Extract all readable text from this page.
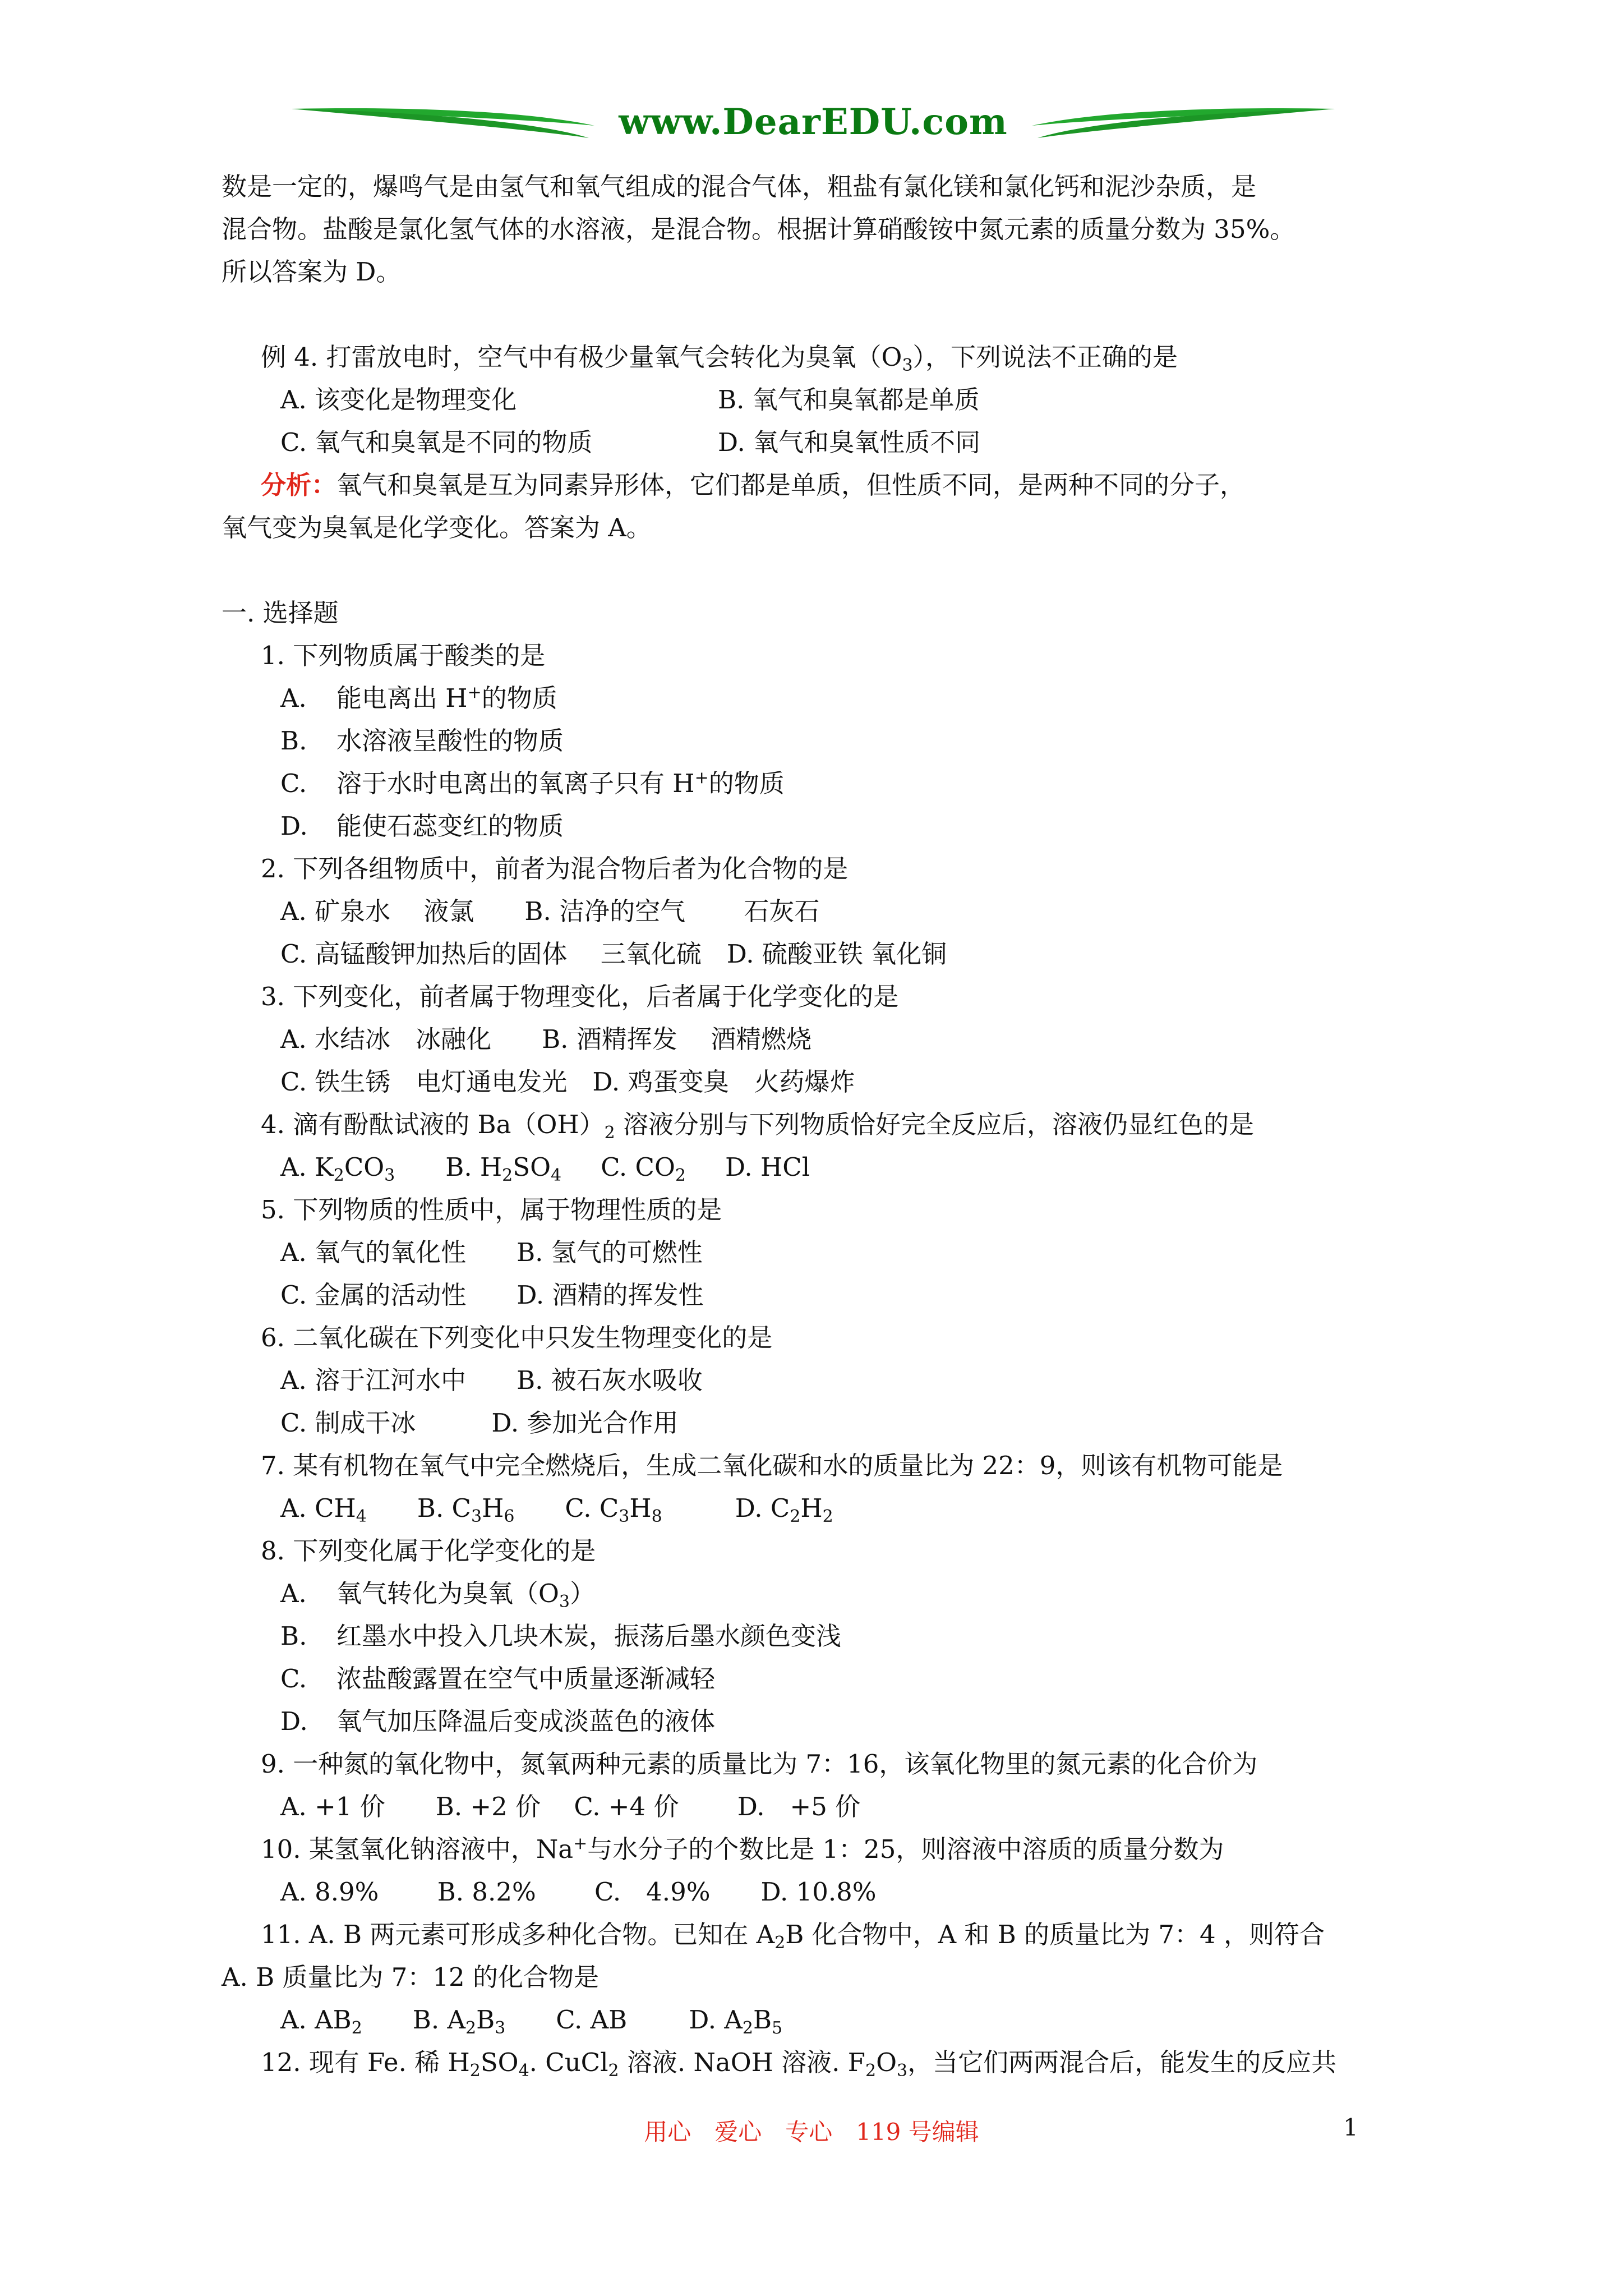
www.DearEDU.com
数是一定的，爆鸣气是由氢气和氧气组成的混合气体，粗盐有氯化镁和氯化钙和泥沙杂质，是
混合物。盐酸是氯化氢气体的水溶液，是混合物。根据计算硝酸铵中氮元素的质量分数为 35%。
所以答案为 D。
例 4. 打雷放电时，空气中有极少量氧气会转化为臭氧$(O_3)$，下列说法不正确的是
A. 该变化是物理变化	B. 氧气和臭氧都是单质
C. 氧气和臭氧是不同的物质	D. 氧气和臭氧性质不同
分析：氧气和臭氧是互为同素异形体，它们都是单质，但性质不同，是两种不同的分子，
氧气变为臭氧是化学变化。答案为 A。
一. 选择题
1. 下列物质属于酸类的是
A. 能电离出 H+的物质
B. 水溶液呈酸性的物质
C. 溶于水时电离出的氧离子只有 H+的物质
D. 能使石蕊变红的物质
2. 下列各组物质中，前者为混合物后者为化合物的是
A. 矿泉水　 液氯　　B. 洁净的空气　　 石灰石
C. 高锰酸钾加热后的固体　 三氧化硫　D. 硫酸亚铁 氧化铜
3. 下列变化，前者属于物理变化，后者属于化学变化的是
A. 水结冰　冰融化　　B. 酒精挥发　 酒精燃烧
C. 铁生锈　电灯通电发光　D. 鸡蛋变臭　火药爆炸
4. 滴有酚酞试液的 $Ba(OH)_2$ 溶液分别与下列物质恰好完全反应后，溶液仍显红色的是
A. $K_2CO_3$ B. $H_2SO_4$ C. $CO_2$ D. HCl
5. 下列物质的性质中，属于物理性质的是
A. 氧气的氧化性　　B. 氢气的可燃性
C. 金属的活动性　　D. 酒精的挥发性
6. 二氧化碳在下列变化中只发生物理变化的是
A. 溶于江河水中　　B. 被石灰水吸收
C. 制成干冰　　　D. 参加光合作用
7. 某有机物在氧气中完全燃烧后，生成二氧化碳和水的质量比为 22：9，则该有机物可能是
A. $CH_4$ B. $C_3H_6$ C. $C_3H_8$	D. $C_2H_2$
8. 下列变化属于化学变化的是
A. 氧气转化为臭氧$(O_3)$
B. 红墨水中投入几块木炭，振荡后墨水颜色变浅
C. 浓盐酸露置在空气中质量逐渐减轻
D. 氧气加压降温后变成淡蓝色的液体
9. 一种氮的氧化物中，氮氧两种元素的质量比为 7：16，该氧化物里的氮元素的化合价为
A. +1 价　　B. +2 价　 C. +4 价　　 D.　+5 价
10. 某氢氧化钠溶液中，Na+与水分子的个数比是 1：25，则溶液中溶质的质量分数为
A. 8.9%　　 B. 8.2%　　 C.　4.9%　　D. 10.8%
11. A. B 两元素可形成多种化合物。已知在 $A_2B$ 化合物中，A 和 B 的质量比为 7：4 ，则符合
A. B 质量比为 7：12 的化合物是
A. $AB_2$ B. $A_2B_3$ C. AB D. $A_2B_5$
12. 现有 Fe. 稀 $H_2SO_4$. CuCl$_2$ 溶液. NaOH 溶液. $F_2O_3$，当它们两两混合后，能发生的反应共
用心　爱心　专心　119 号编辑	1
